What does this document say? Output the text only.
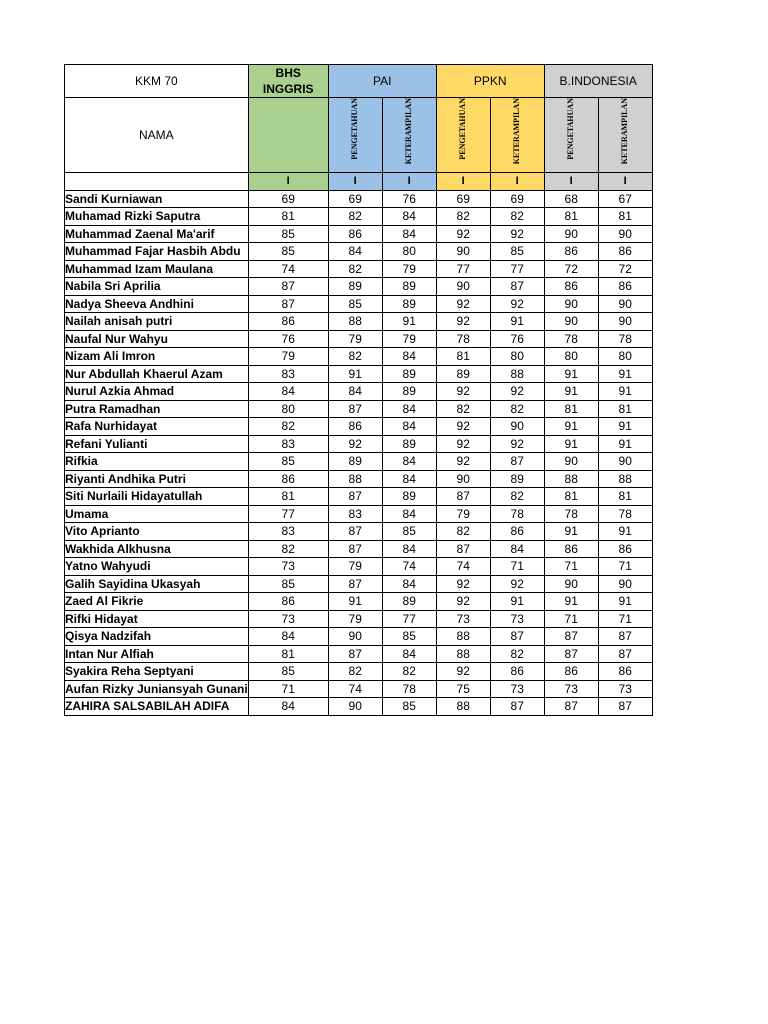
KKM 70	BHS INGGRIS	PAI		PPKN		B.INDONESIA	
NAMA		PENGETAHUAN	KETERAMPILAN	PENGETAHUAN	KETERAMPILAN	PENGETAHUAN	KETERAMPILAN

	I	I	I	I	I	I	I
Sandi Kurniawan	69	69	76	69	69	68	67
Muhamad Rizki Saputra	81	82	84	82	82	81	81
Muhammad Zaenal Ma'arif	85	86	84	92	92	90	90
Muhammad Fajar Hasbih Abdu	85	84	80	90	85	86	86
Muhammad Izam Maulana	74	82	79	77	77	72	72
Nabila Sri Aprilia	87	89	89	90	87	86	86
Nadya Sheeva Andhini	87	85	89	92	92	90	90
Nailah anisah putri	86	88	91	92	91	90	90
Naufal Nur Wahyu	76	79	79	78	76	78	78
Nizam Ali Imron	79	82	84	81	80	80	80
Nur Abdullah Khaerul Azam	83	91	89	89	88	91	91
Nurul Azkia Ahmad	84	84	89	92	92	91	91
Putra Ramadhan	80	87	84	82	82	81	81
Rafa Nurhidayat	82	86	84	92	90	91	91
Refani Yulianti	83	92	89	92	92	91	91
Rifkia	85	89	84	92	87	90	90
Riyanti Andhika Putri	86	88	84	90	89	88	88
Siti Nurlaili Hidayatullah	81	87	89	87	82	81	81
Umama	77	83	84	79	78	78	78
Vito Aprianto	83	87	85	82	86	91	91
Wakhida Alkhusna	82	87	84	87	84	86	86
Yatno Wahyudi	73	79	74	74	71	71	71
Galih Sayidina Ukasyah	85	87	84	92	92	90	90
Zaed Al Fikrie	86	91	89	92	91	91	91
Rifki Hidayat	73	79	77	73	73	71	71
Qisya Nadzifah	84	90	85	88	87	87	87
Intan Nur Alfiah	81	87	84	88	82	87	87
Syakira Reha Septyani	85	82	82	92	86	86	86
Aufan Rizky Juniansyah Gunani	71	74	78	75	73	73	73
ZAHIRA SALSABILAH ADIFA	84	90	85	88	87	87	87
